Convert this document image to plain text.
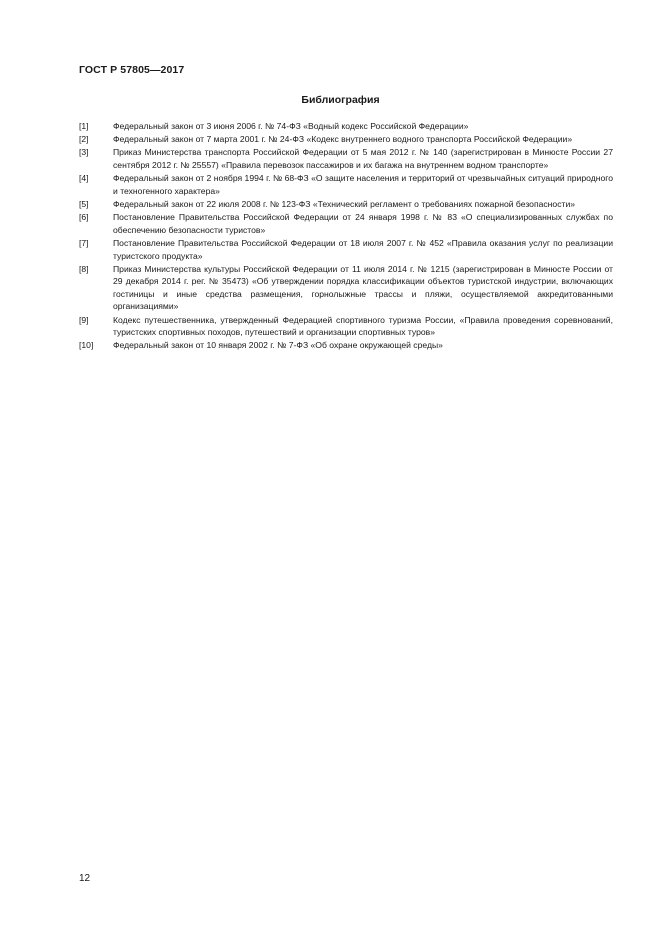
ГОСТ Р 57805—2017

Библиография
[1]	Федеральный закон от 3 июня 2006 г. № 74-ФЗ «Водный кодекс Российской Федерации»
[2]	Федеральный закон от 7 марта 2001 г. № 24-ФЗ «Кодекс внутреннего водного транспорта Российской Федерации»
[3]	Приказ Министерства транспорта Российской Федерации от 5 мая 2012 г. № 140 (зарегистрирован в Минюсте России 27 сентября 2012 г. № 25557) «Правила перевозок пассажиров и их багажа на внутреннем водном транспорте»
[4]	Федеральный закон от 2 ноября 1994 г. № 68-ФЗ «О защите населения и территорий от чрезвычайных ситуаций природного и техногенного характера»
[5]	Федеральный закон от 22 июля 2008 г. № 123-ФЗ «Технический регламент о требованиях пожарной безопасности»
[6]	Постановление Правительства Российской Федерации от 24 января 1998 г. № 83 «О специализированных службах по обеспечению безопасности туристов»
[7]	Постановление Правительства Российской Федерации от 18 июля 2007 г. № 452 «Правила оказания услуг по реализации туристского продукта»
[8]	Приказ Министерства культуры Российской Федерации от 11 июля 2014 г. № 1215 (зарегистрирован в Минюсте России от 29 декабря 2014 г. рег. № 35473) «Об утверждении порядка классификации объектов туристской индустрии, включающих гостиницы и иные средства размещения, горнолыжные трассы и пляжи, осуществляемой аккредитованными организациями»
[9]	Кодекс путешественника, утвержденный Федерацией спортивного туризма России, «Правила проведения соревнований, туристских спортивных походов, путешествий и организации спортивных туров»
[10] Федеральный закон от 10 января 2002 г. № 7-ФЗ «Об охране окружающей среды»

12
